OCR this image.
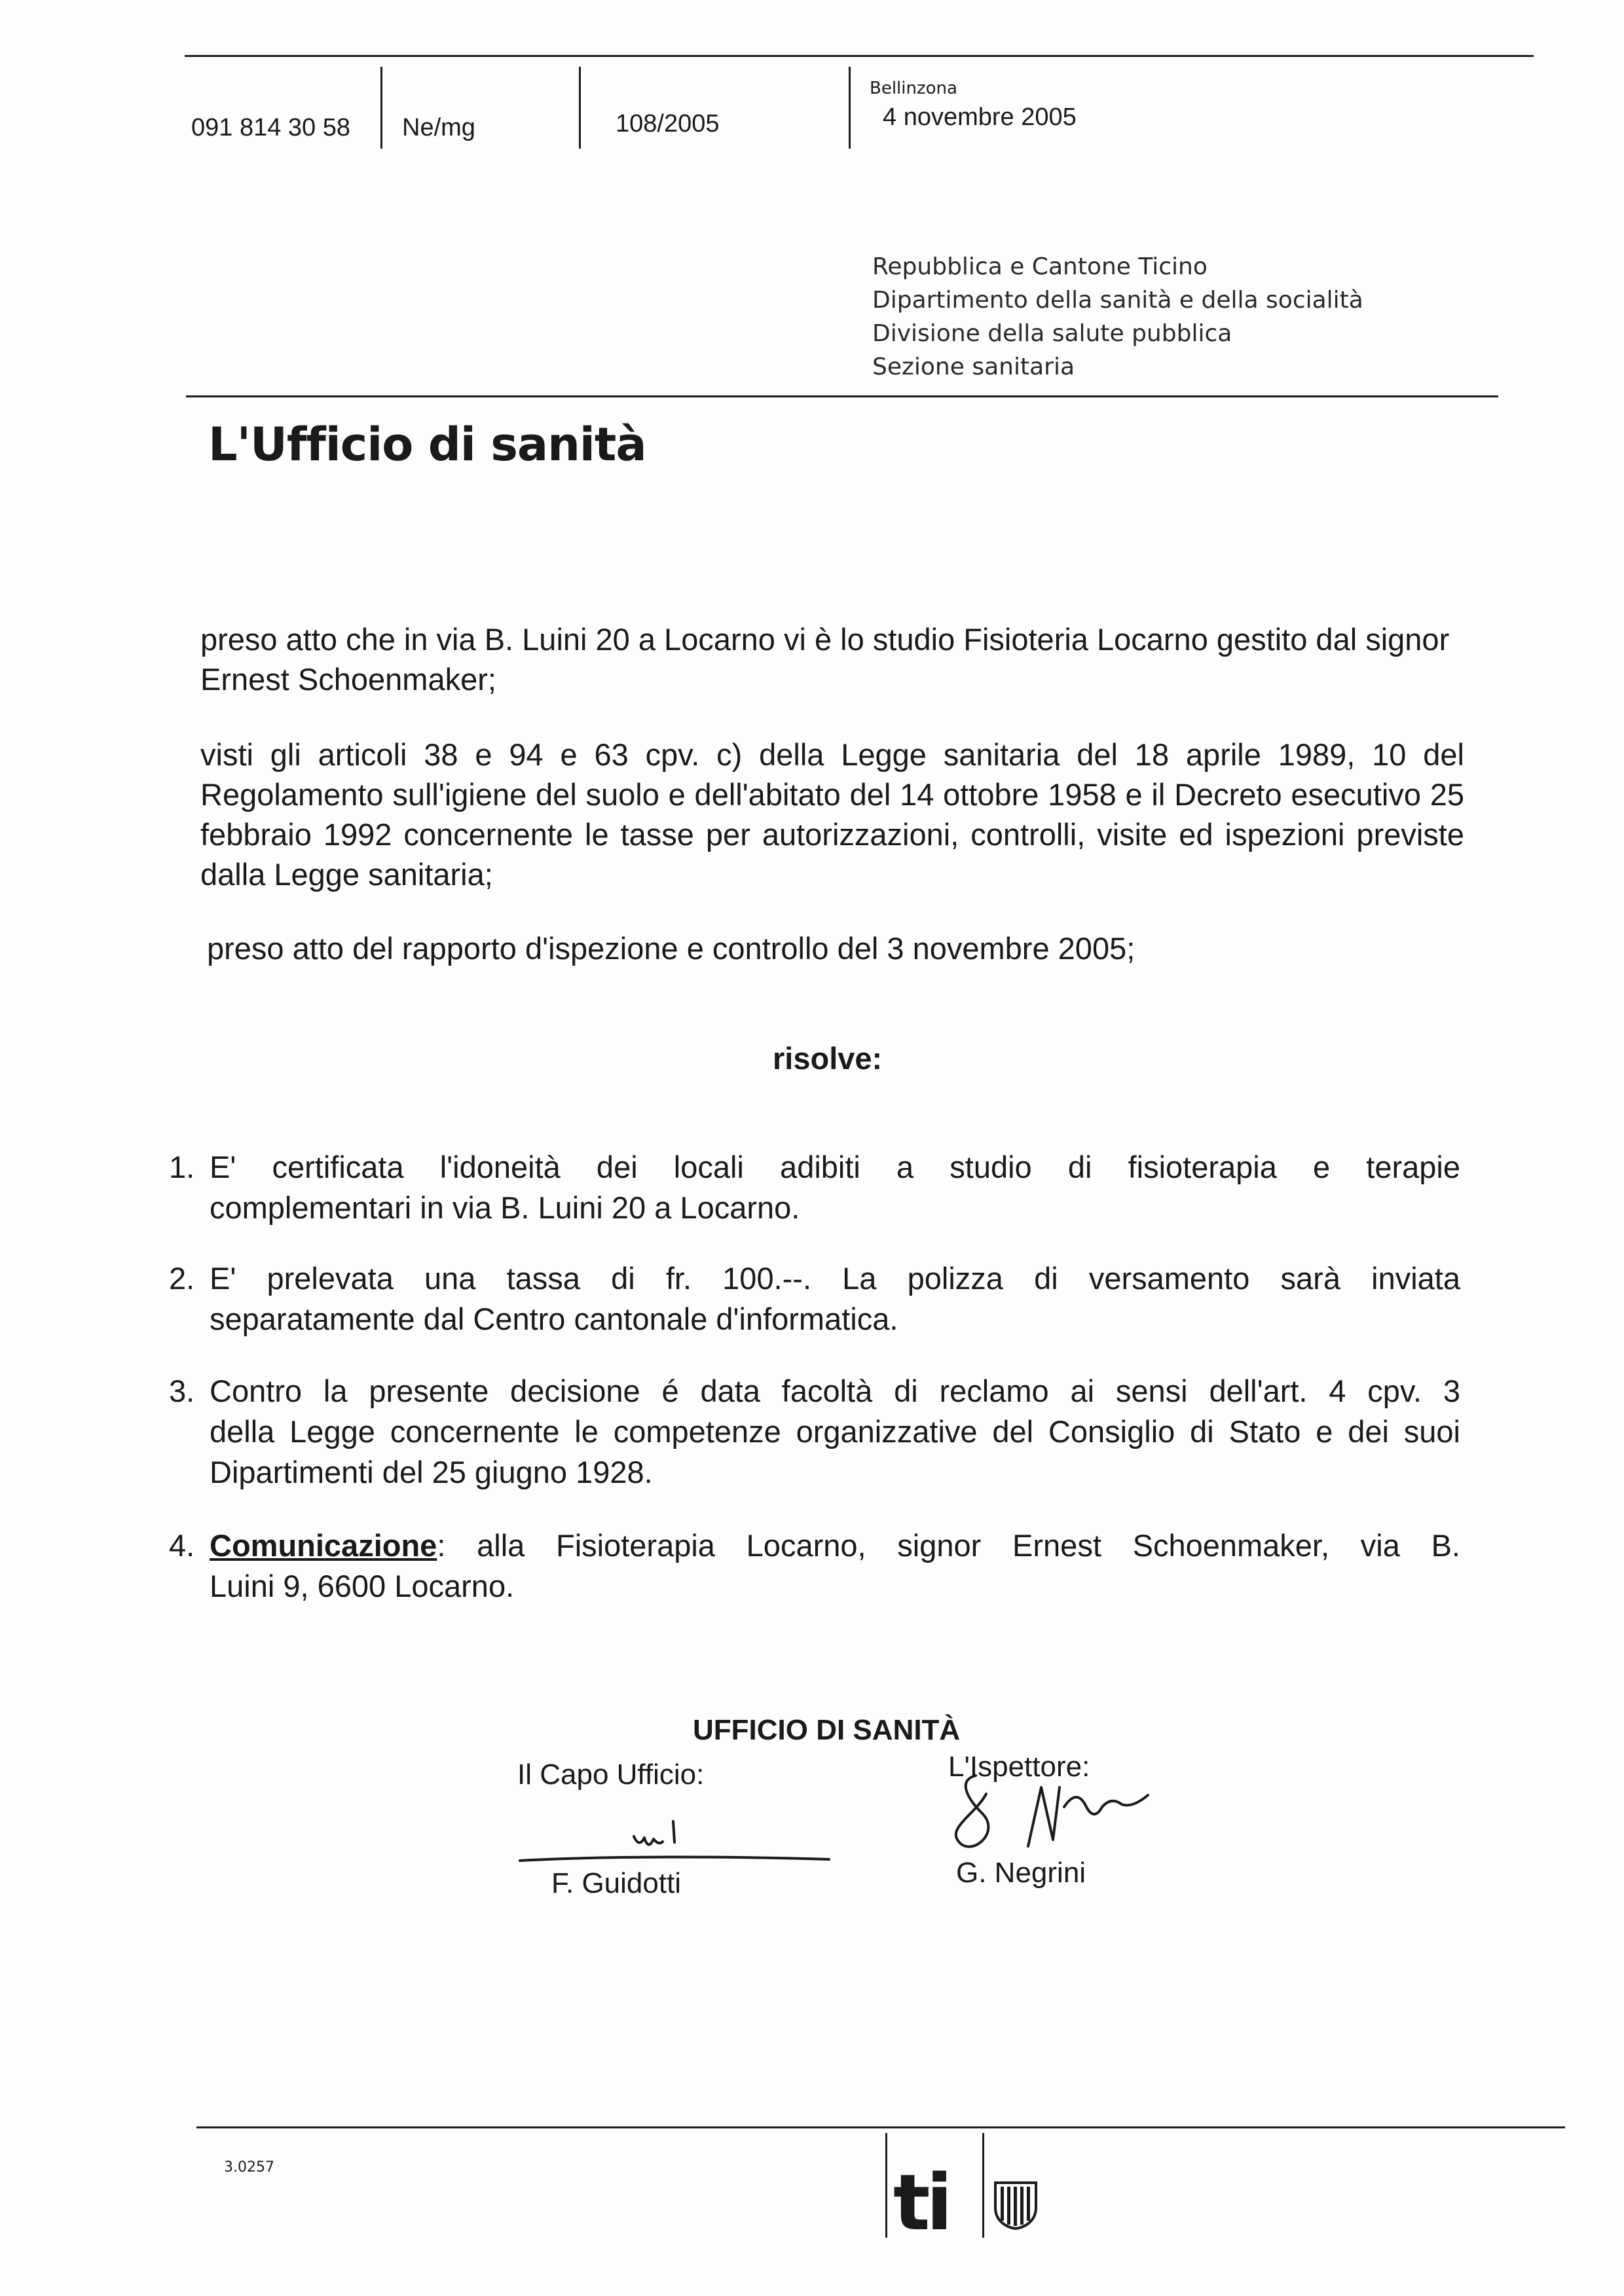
091 814 30 58 Ne/mg	108/2005
Bellinzona
4 novembre 2005
Repubblica e Cantone Ticino
Dipartimento della sanità e della socialità
Divisione della salute pubblica
Sezione sanitaria
L'Ufficio di sanità
preso atto che in via B. Luini 20 a Locarno vi è lo studio Fisioteria Locarno gestito dal signor Ernest Schoenmaker;
visti gli articoli 38 e 94 e 63 cpv. c) della Legge sanitaria del 18 aprile 1989, 10 del Regolamento sull'igiene del suolo e dell'abitato del 14 ottobre 1958 e il Decreto esecutivo 25 febbraio 1992 concernente le tasse per autorizzazioni, controlli, visite ed ispezioni previste dalla Legge sanitaria;
preso atto del rapporto d'ispezione e controllo del 3 novembre 2005;
risolve:
1. E' certificata l'idoneità dei locali adibiti a studio di fisioterapia e terapie
complementari in via B. Luini 20 a Locarno.
2. E' prelevata una tassa di fr. 100.--. La polizza di versamento sarà inviata
separatamente dal Centro cantonale d'informatica.
3. Contro la presente decisione é data facoltà di reclamo ai sensi dell'art. 4 cpv. 3
della Legge concernente le competenze organizzative del Consiglio di Stato e dei suoi Dipartimenti del 25 giugno 1928.
4. Comunicazione: alla Fisioterapia Locarno, signor Ernest Schoenmaker, via B.
Luini 9, 6600 Locarno.
UFFICIO DI SANITÀ
Il Capo Ufficio:	L'Ispettore:
F. Guidotti	G. Negrini
3.0257	ti
